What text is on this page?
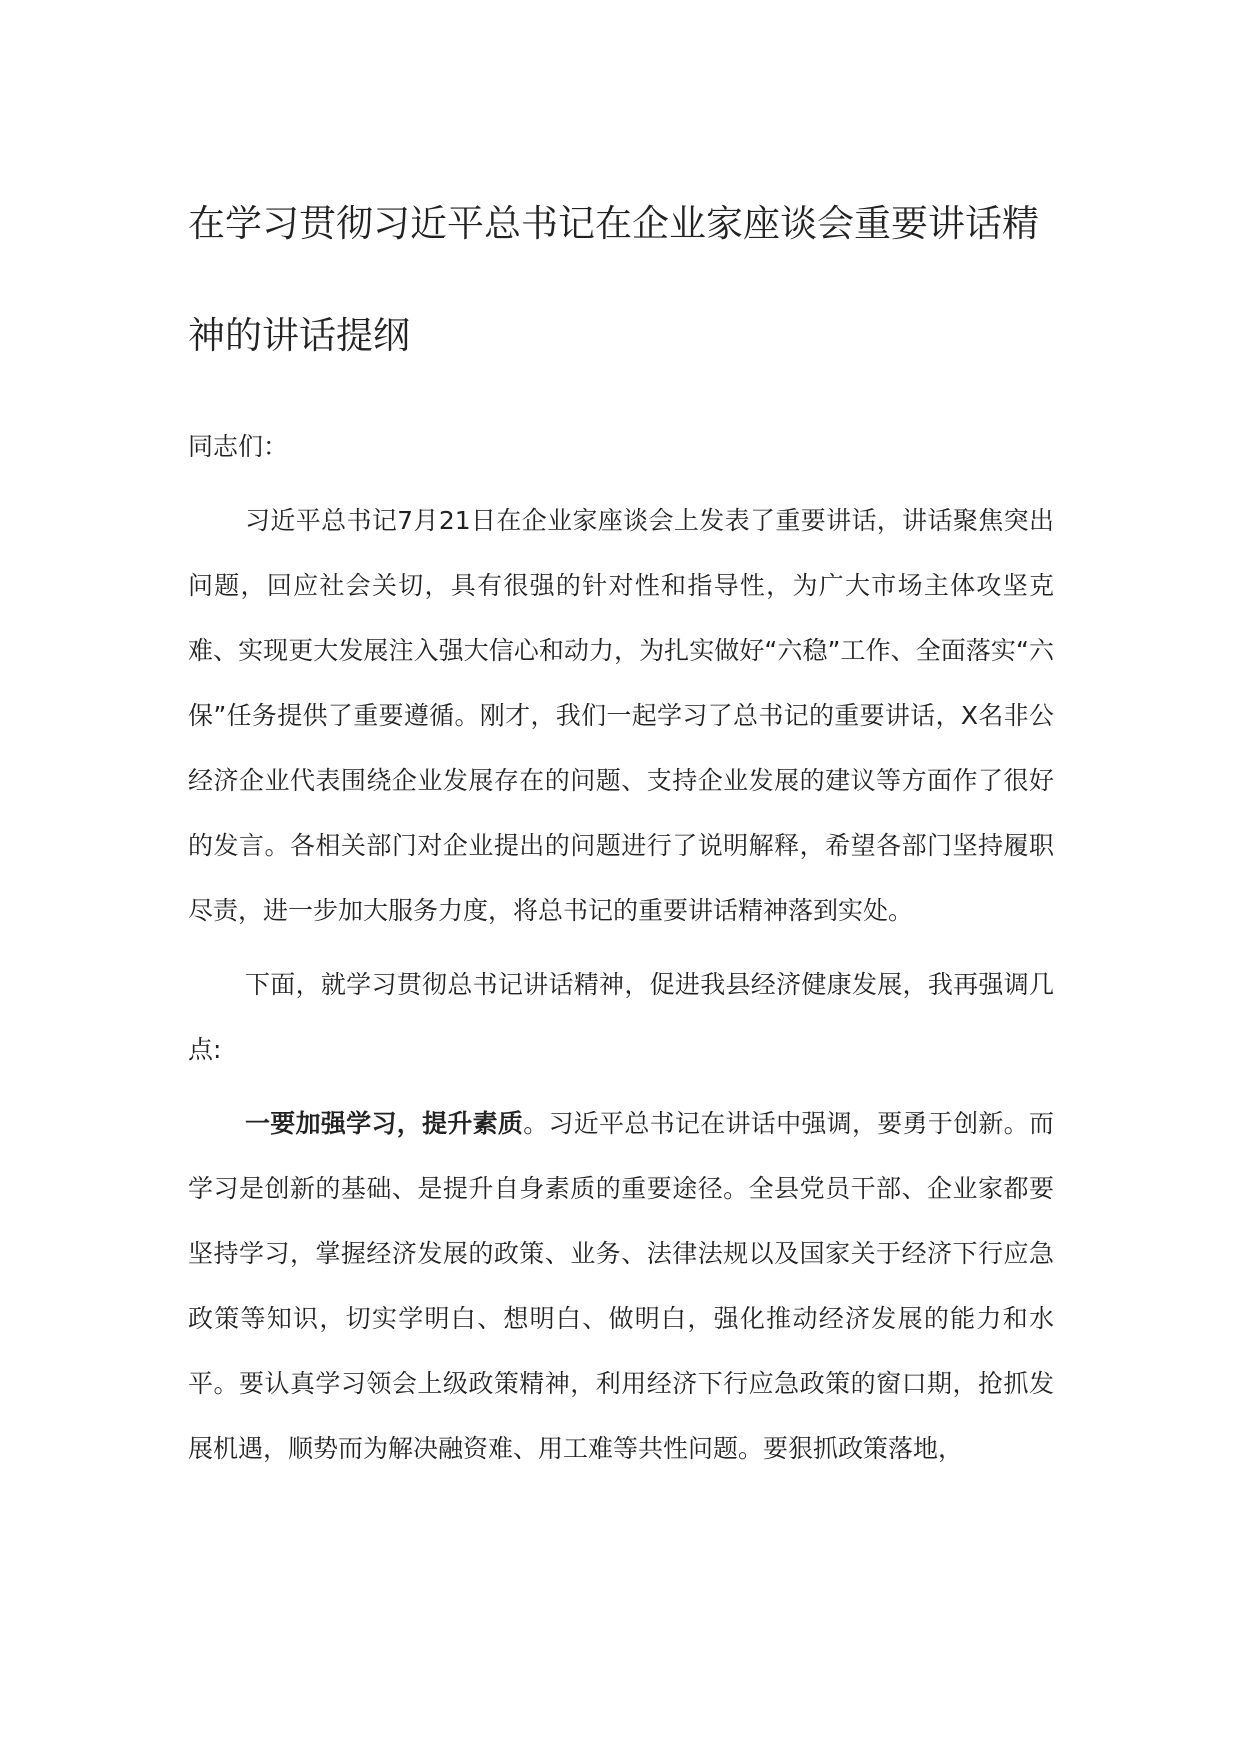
在学习贯彻习近平总书记在企业家座谈会重要讲话精神的讲话提纲

同志们：

习近平总书记7月21日在企业家座谈会上发表了重要讲话，讲话聚焦突出问题，回应社会关切，具有很强的针对性和指导性，为广大市场主体攻坚克难、实现更大发展注入强大信心和动力，为扎实做好“六稳”工作、全面落实“六保”任务提供了重要遵循。刚才，我们一起学习了总书记的重要讲话，X名非公经济企业代表围绕企业发展存在的问题、支持企业发展的建议等方面作了很好的发言。各相关部门对企业提出的问题进行了说明解释，希望各部门坚持履职尽责，进一步加大服务力度，将总书记的重要讲话精神落到实处。

下面，就学习贯彻总书记讲话精神，促进我县经济健康发展，我再强调几点:

一要加强学习，提升素质。习近平总书记在讲话中强调，要勇于创新。而学习是创新的基础、是提升自身素质的重要途径。全县党员干部、企业家都要坚持学习，掌握经济发展的政策、业务、法律法规以及国家关于经济下行应急政策等知识，切实学明白、想明白、做明白，强化推动经济发展的能力和水平。要认真学习领会上级政策精神，利用经济下行应急政策的窗口期，抢抓发展机遇，顺势而为解决融资难、用工难等共性问题。要狠抓政策落地，
